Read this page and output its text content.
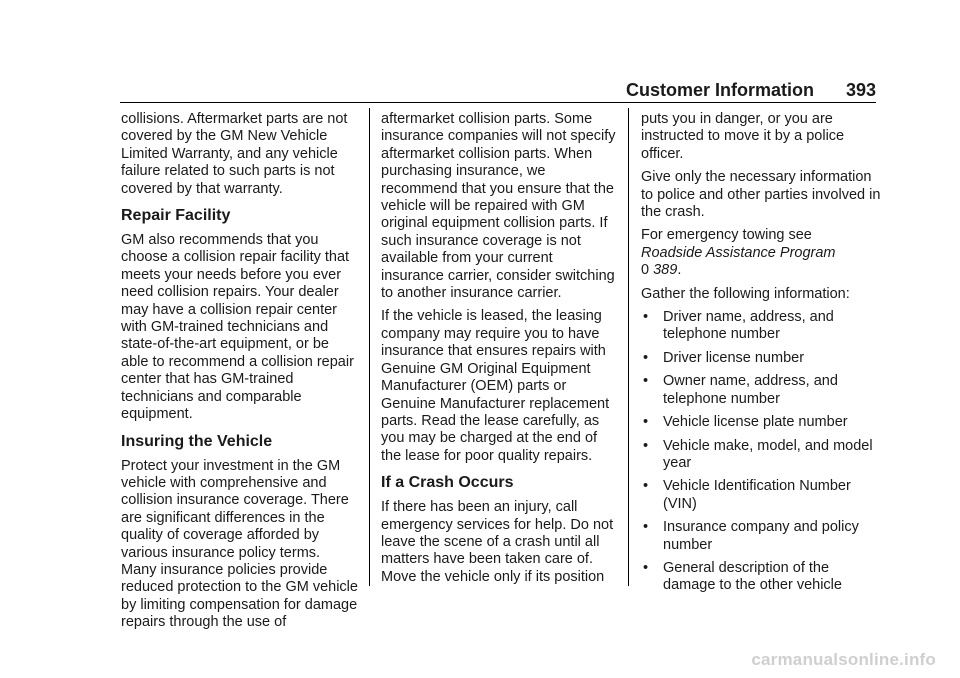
Customer Information 393

collisions. Aftermarket parts are not covered by the GM New Vehicle Limited Warranty, and any vehicle failure related to such parts is not covered by that warranty.

Repair Facility

GM also recommends that you choose a collision repair facility that meets your needs before you ever need collision repairs. Your dealer may have a collision repair center with GM-trained technicians and state-of-the-art equipment, or be able to recommend a collision repair center that has GM-trained technicians and comparable equipment.

Insuring the Vehicle

Protect your investment in the GM vehicle with comprehensive and collision insurance coverage. There are significant differences in the quality of coverage afforded by various insurance policy terms. Many insurance policies provide reduced protection to the GM vehicle by limiting compensation for damage repairs through the use of

aftermarket collision parts. Some insurance companies will not specify aftermarket collision parts. When purchasing insurance, we recommend that you ensure that the vehicle will be repaired with GM original equipment collision parts. If such insurance coverage is not available from your current insurance carrier, consider switching to another insurance carrier.

If the vehicle is leased, the leasing company may require you to have insurance that ensures repairs with Genuine GM Original Equipment Manufacturer (OEM) parts or Genuine Manufacturer replacement parts. Read the lease carefully, as you may be charged at the end of the lease for poor quality repairs.

If a Crash Occurs

If there has been an injury, call emergency services for help. Do not leave the scene of a crash until all matters have been taken care of. Move the vehicle only if its position

puts you in danger, or you are instructed to move it by a police officer.

Give only the necessary information to police and other parties involved in the crash.

For emergency towing see
Roadside Assistance Program
0 389.

Gather the following information:

• Driver name, address, and telephone number
• Driver license number
• Owner name, address, and telephone number
• Vehicle license plate number
• Vehicle make, model, and model year
• Vehicle Identification Number (VIN)
• Insurance company and policy number
• General description of the damage to the other vehicle
carmanualsonline.info
